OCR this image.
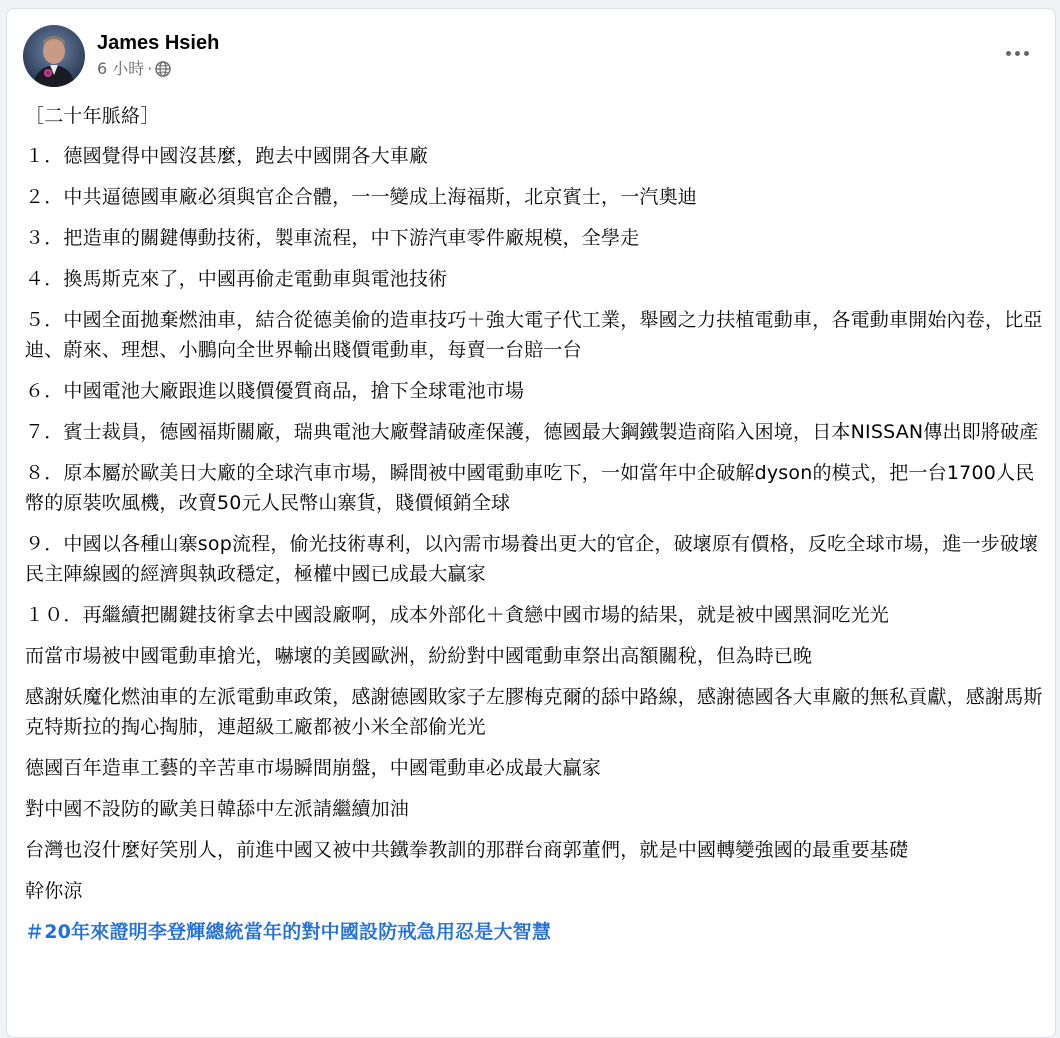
James Hsieh
6 小時 ·

［二十年脈絡］

１．德國覺得中國沒甚麼，跑去中國開各大車廠

２．中共逼德國車廠必須與官企合體，一一變成上海福斯，北京賓士，一汽奧迪

３．把造車的關鍵傳動技術，製車流程，中下游汽車零件廠規模，全學走

４．換馬斯克來了，中國再偷走電動車與電池技術

５．中國全面拋棄燃油車，結合從德美偷的造車技巧＋強大電子代工業，舉國之力扶植電動車，各電動車開始內卷，比亞迪、蔚來、理想、小鵬向全世界輸出賤價電動車，每賣一台賠一台

６．中國電池大廠跟進以賤價優質商品，搶下全球電池市場

７．賓士裁員，德國福斯關廠，瑞典電池大廠聲請破產保護，德國最大鋼鐵製造商陷入困境，日本NISSAN傳出即將破產

８．原本屬於歐美日大廠的全球汽車市場，瞬間被中國電動車吃下，一如當年中企破解dyson的模式，把一台1700人民幣的原裝吹風機，改賣50元人民幣山寨貨，賤價傾銷全球

９．中國以各種山寨sop流程，偷光技術專利，以內需市場養出更大的官企，破壞原有價格，反吃全球市場，進一步破壞民主陣線國的經濟與執政穩定，極權中國已成最大贏家

１０．再繼續把關鍵技術拿去中國設廠啊，成本外部化＋貪戀中國市場的結果，就是被中國黑洞吃光光

而當市場被中國電動車搶光，嚇壞的美國歐洲，紛紛對中國電動車祭出高額關稅，但為時已晚

感謝妖魔化燃油車的左派電動車政策，感謝德國敗家子左膠梅克爾的舔中路線，感謝德國各大車廠的無私貢獻，感謝馬斯克特斯拉的掏心掏肺，連超級工廠都被小米全部偷光光

德國百年造車工藝的辛苦車市場瞬間崩盤，中國電動車必成最大贏家

對中國不設防的歐美日韓舔中左派請繼續加油

台灣也沒什麼好笑別人，前進中國又被中共鐵拳教訓的那群台商郭董們，就是中國轉變強國的最重要基礎

幹你涼

＃20年來證明李登輝總統當年的對中國設防戒急用忍是大智慧
